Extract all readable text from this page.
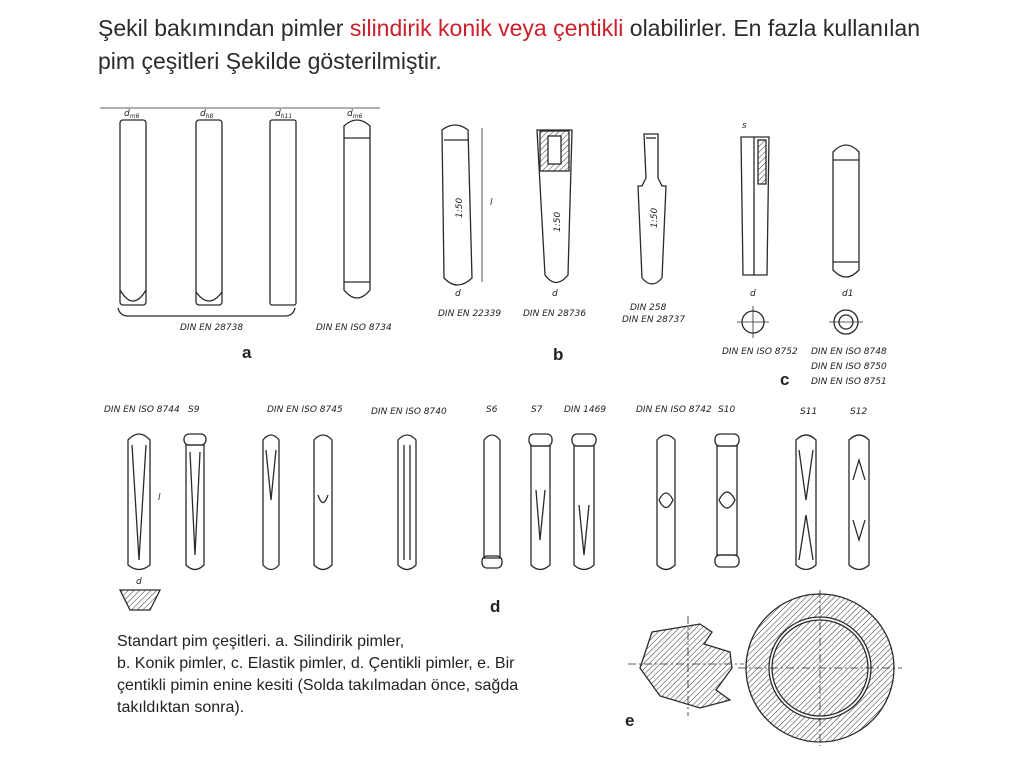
Şekil bakımından pimler silindirik konik veya çentikli olabilirler. En fazla kullanılan pim çeşitleri Şekilde gösterilmiştir.
$d_{m6}$	$d_{h8}$	$d_{h11}$	$d_{m6}$
DIN EN 28738	DIN EN ISO 8734
a
1:50
1:50	1:50
l
d	d
DIN EN 22339 DIN EN 28736
DIN 258
DIN EN 28737
b
s
d	d1
DIN EN ISO 8752 DIN EN ISO 8748
DIN EN ISO 8750
DIN EN ISO 8751
c
DIN EN ISO 8744 S9	DIN EN ISO 8745	DIN EN ISO 8740	S6	S7 DIN 1469	DIN EN ISO 8742 S10	S11	S12
l
d
d
e
Standart pim çeşitleri. a. Silindirik pimler,
b. Konik pimler, c. Elastik pimler, d. Çentikli pimler, e. Bir
çentikli pimin enine kesiti (Solda takılmadan önce, sağda
takıldıktan sonra).
